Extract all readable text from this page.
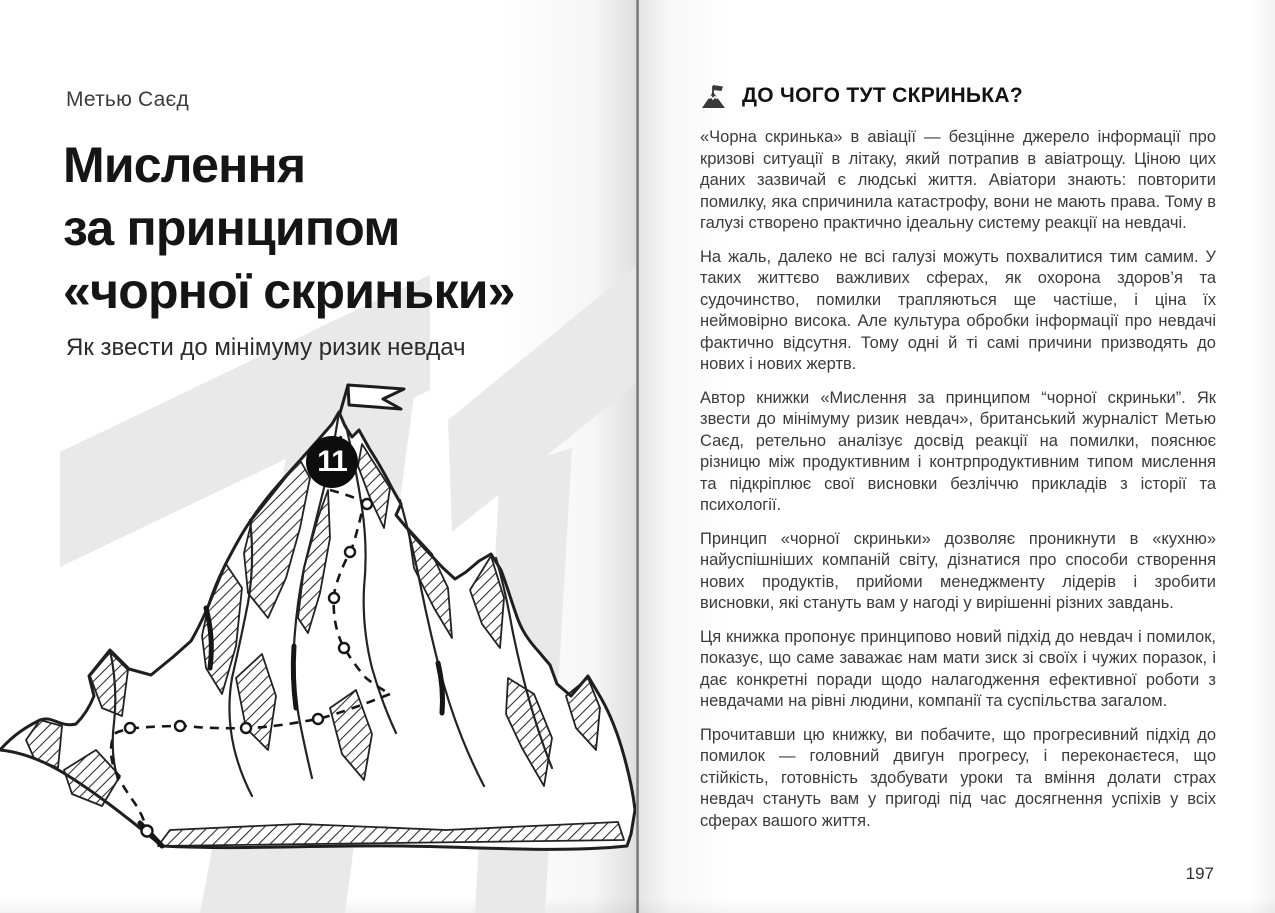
Метью Саєд
Мислення
за принципом
«чорної скриньки»
Як звести до мінімуму ризик невдач
11
ДО ЧОГО ТУТ СКРИНЬКА?

«Чорна скринька» в авіації — безцінне джерело інформації про кризові ситуації в літаку, який потрапив в авіатрощу. Ціною цих даних зазвичай є людські життя. Авіатори знають: повторити помилку, яка спричинила катастрофу, вони не мають права. Тому в галузі створено практично ідеальну систему реакції на невдачі.

На жаль, далеко не всі галузі можуть похвалитися тим самим. У таких життєво важливих сферах, як охорона здоров’я та судочинство, помилки трапляються ще частіше, і ціна їх неймовірно висока. Але культура обробки інформації про невдачі фактично відсутня. Тому одні й ті самі причини призводять до нових і нових жертв.

Автор книжки «Мислення за принципом “чорної скриньки”. Як звести до мінімуму ризик невдач», британський журналіст Метью Саєд, ретельно аналізує досвід реакції на помилки, пояснює різницю між продуктивним і контрпродуктивним типом мислення та підкріплює свої висновки безліччю прикладів з історії та психології.

Принцип «чорної скриньки» дозволяє проникнути в «кухню» найуспішніших компаній світу, дізнатися про способи створення нових продуктів, прийоми менеджменту лідерів і зробити висновки, які стануть вам у нагоді у вирішенні різних завдань.

Ця книжка пропонує принципово новий підхід до невдач і помилок, показує, що саме заважає нам мати зиск зі своїх і чужих поразок, і дає конкретні поради щодо налагодження ефективної роботи з невдачами на рівні людини, компанії та суспільства загалом.

Прочитавши цю книжку, ви побачите, що прогресивний підхід до помилок — головний двигун прогресу, і переконаєтеся, що стійкість, готовність здобувати уроки та вміння долати страх невдач стануть вам у пригоді під час досягнення успіхів у всіх сферах вашого життя.

197
